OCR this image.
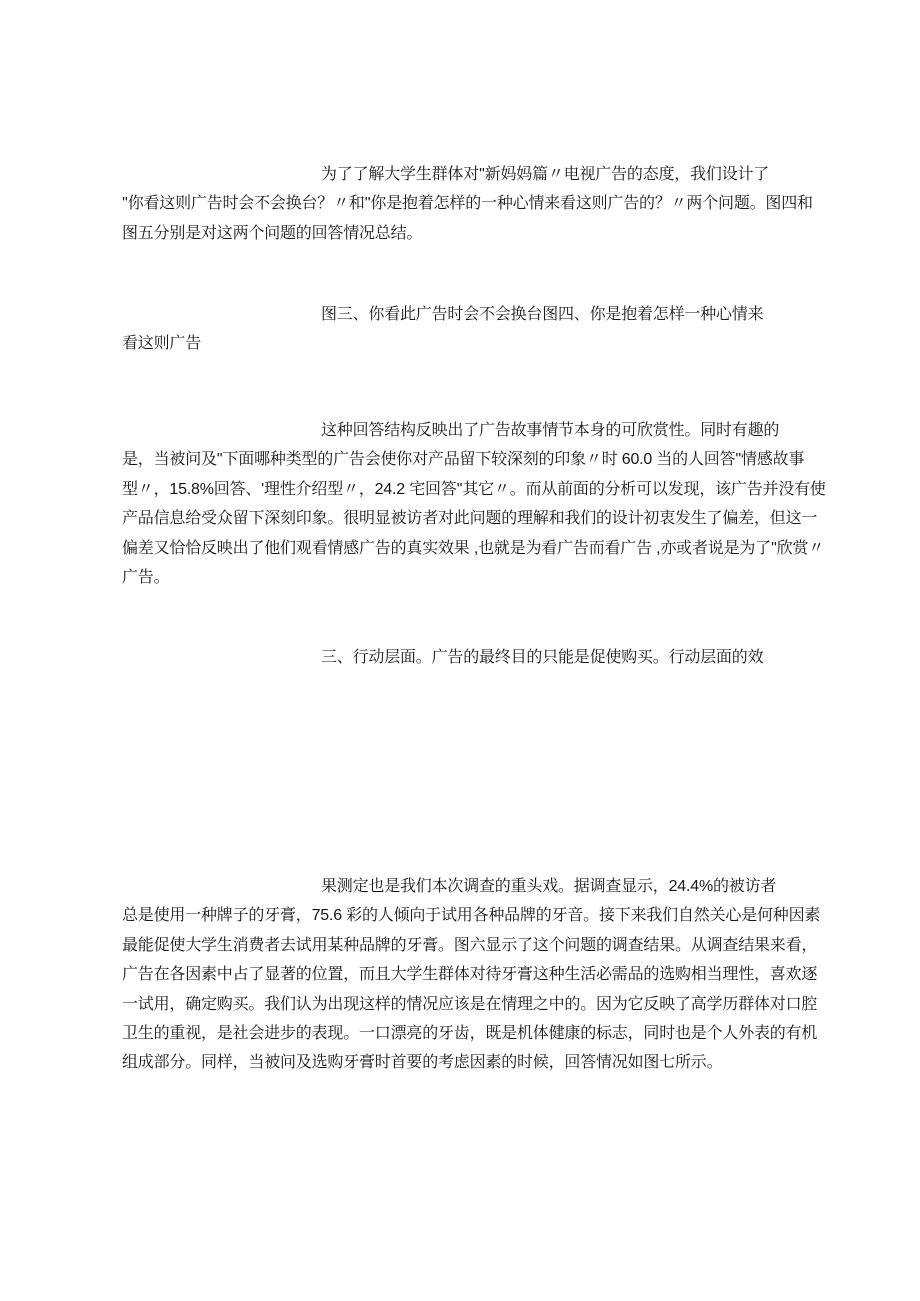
为了了解大学生群体对''新妈妈篇〃电视广告的态度，我们设计了
''你看这则广告时会不会换台？〃和''你是抱着怎样的一种心情来看这则广告的？〃两个问题。图四和
图五分别是对这两个问题的回答情况总结。
图三、你看此广告时会不会换台图四、你是抱着怎样一种心情来
看这则广告
这种回答结构反映出了广告故事情节本身的可欣赏性。同时有趣的
是，当被问及''下面哪种类型的广告会使你对产品留下较深刻的印象〃时 60.0 当的人回答''情感故事
型〃，15.8%回答、'理性介绍型〃，24.2 宅回答''其它〃。而从前面的分析可以发现，该广告并没有使
产品信息给受众留下深刻印象。很明显被访者对此问题的理解和我们的设计初衷发生了偏差，但这一
偏差又恰恰反映出了他们观看情感广告的真实效果 ,也就是为看广告而看广告 ,亦或者说是为了''欣赏〃
广告。
三、行动层面。广告的最终目的只能是促使购买。行动层面的效
果测定也是我们本次调查的重头戏。据调查显示，24.4%的被访者
总是使用一种牌子的牙膏，75.6 彩的人倾向于试用各种品牌的牙音。接下来我们自然关心是何种因素
最能促使大学生消费者去试用某种品牌的牙膏。图六显示了这个问题的调查结果。从调查结果来看，
广告在各因素中占了显著的位置，而且大学生群体对待牙膏这种生活必需品的选购相当理性，喜欢逐
一试用，确定购买。我们认为出现这样的情况应该是在情理之中的。因为它反映了高学历群体对口腔
卫生的重视，是社会进步的表现。一口漂亮的牙齿，既是机体健康的标志，同时也是个人外表的有机
组成部分。同样，当被问及选购牙膏时首要的考虑因素的时候，回答情况如图七所示。
